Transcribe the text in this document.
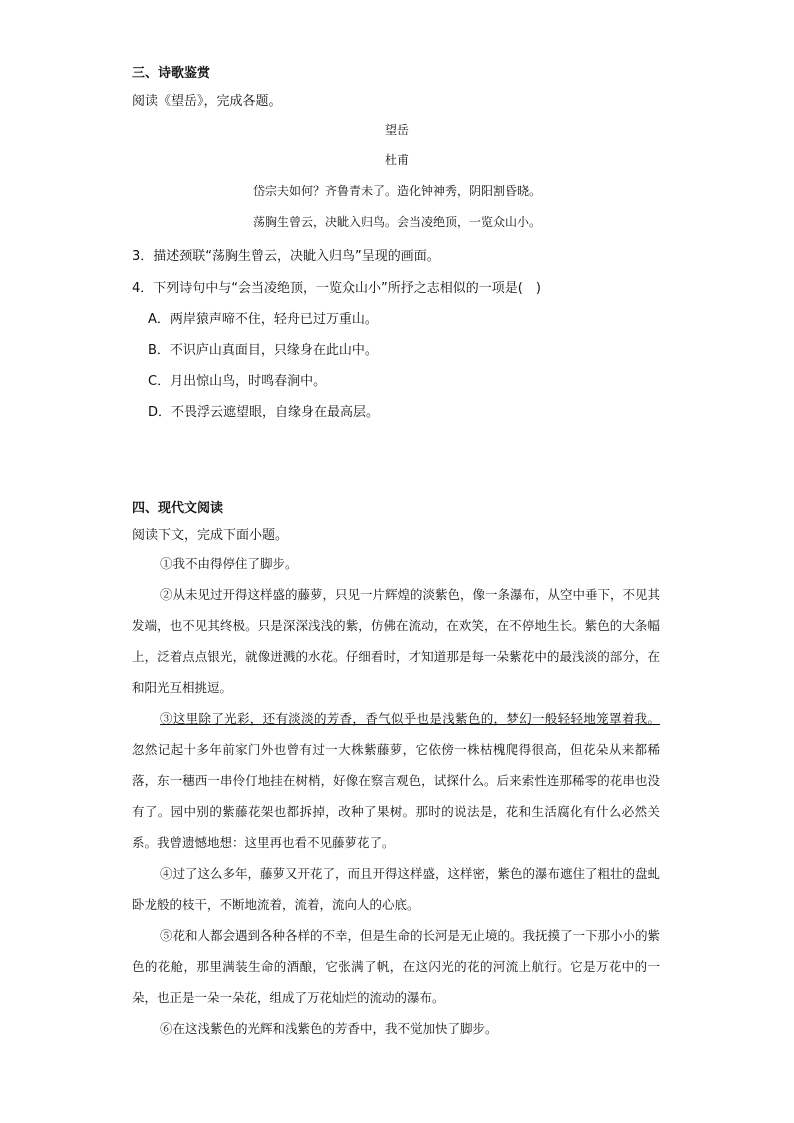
三、诗歌鉴赏
阅读《望岳》，完成各题。
望岳
杜甫
岱宗夫如何？齐鲁青未了。造化钟神秀，阴阳割昏晓。
荡胸生曾云，决眦入归鸟。会当凌绝顶，一览众山小。
3．描述颈联“荡胸生曾云，决眦入归鸟”呈现的画面。
4．下列诗句中与“会当凌绝顶，一览众山小”所抒之志相似的一项是(　)
A．两岸猿声啼不住，轻舟已过万重山。
B．不识庐山真面目，只缘身在此山中。
C．月出惊山鸟，时鸣春涧中。
D．不畏浮云遮望眼，自缘身在最高层。
四、现代文阅读
阅读下文，完成下面小题。

①我不由得停住了脚步。

②从未见过开得这样盛的藤萝，只见一片辉煌的淡紫色，像一条瀑布，从空中垂下，不见其发端，也不见其终极。只是深深浅浅的紫，仿佛在流动，在欢笑，在不停地生长。紫色的大条幅上，泛着点点银光，就像迸溅的水花。仔细看时，才知道那是每一朵紫花中的最浅淡的部分，在和阳光互相挑逗。

③这里除了光彩，还有淡淡的芳香，香气似乎也是浅紫色的，梦幻一般轻轻地笼罩着我。忽然记起十多年前家门外也曾有过一大株紫藤萝，它依傍一株枯槐爬得很高，但花朵从来都稀落，东一穗西一串伶仃地挂在树梢，好像在察言观色，试探什么。后来索性连那稀零的花串也没有了。园中别的紫藤花架也都拆掉，改种了果树。那时的说法是，花和生活腐化有什么必然关系。我曾遗憾地想：这里再也看不见藤萝花了。

④过了这么多年，藤萝又开花了，而且开得这样盛，这样密，紫色的瀑布遮住了粗壮的盘虬卧龙般的枝干，不断地流着，流着，流向人的心底。

⑤花和人都会遇到各种各样的不幸，但是生命的长河是无止境的。我抚摸了一下那小小的紫色的花舱，那里满装生命的酒酿，它张满了帆，在这闪光的花的河流上航行。它是万花中的一朵，也正是一朵一朵花，组成了万花灿烂的流动的瀑布。

⑥在这浅紫色的光辉和浅紫色的芳香中，我不觉加快了脚步。
